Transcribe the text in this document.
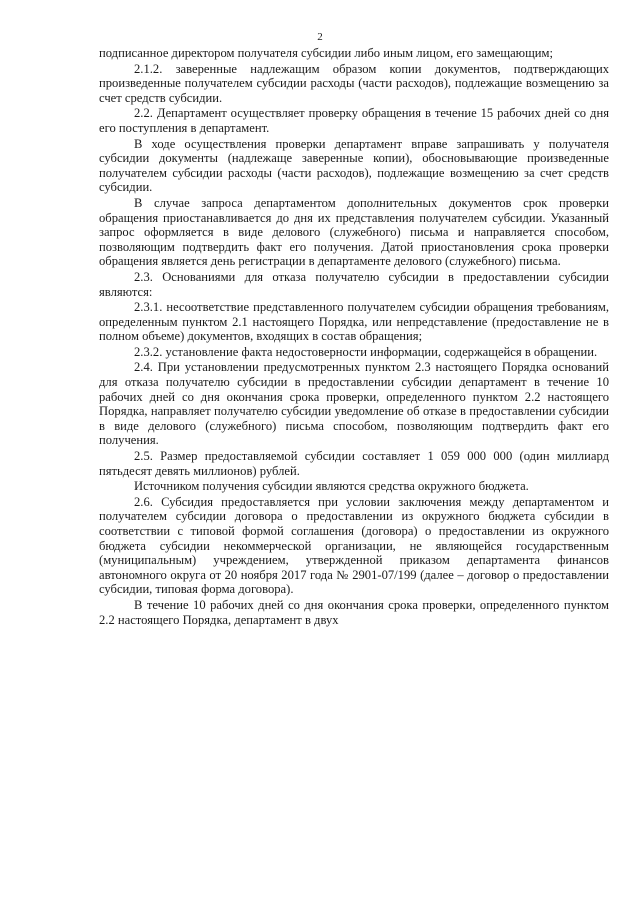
2

подписанное директором получателя субсидии либо иным лицом, его замещающим;

2.1.2. заверенные надлежащим образом копии документов, подтверждающих произведенные получателем субсидии расходы (части расходов), подлежащие возмещению за счет средств субсидии.

2.2. Департамент осуществляет проверку обращения в течение 15 рабочих дней со дня его поступления в департамент.

В ходе осуществления проверки департамент вправе запрашивать у получателя субсидии документы (надлежаще заверенные копии), обосновывающие произведенные получателем субсидии расходы (части расходов), подлежащие возмещению за счет средств субсидии.

В случае запроса департаментом дополнительных документов срок проверки обращения приостанавливается до дня их представления получателем субсидии. Указанный запрос оформляется в виде делового (служебного) письма и направляется способом, позволяющим подтвердить факт его получения. Датой приостановления срока проверки обращения является день регистрации в департаменте делового (служебного) письма.

2.3. Основаниями для отказа получателю субсидии в предоставлении субсидии являются:

2.3.1. несоответствие представленного получателем субсидии обращения требованиям, определенным пунктом 2.1 настоящего Порядка, или непредставление (предоставление не в полном объеме) документов, входящих в состав обращения;

2.3.2. установление факта недостоверности информации, содержащейся в обращении.

2.4. При установлении предусмотренных пунктом 2.3 настоящего Порядка оснований для отказа получателю субсидии в предоставлении субсидии департамент в течение 10 рабочих дней со дня окончания срока проверки, определенного пунктом 2.2 настоящего Порядка, направляет получателю субсидии уведомление об отказе в предоставлении субсидии в виде делового (служебного) письма способом, позволяющим подтвердить факт его получения.

2.5. Размер предоставляемой субсидии составляет 1 059 000 000 (один миллиард пятьдесят девять миллионов) рублей.

Источником получения субсидии являются средства окружного бюджета.

2.6. Субсидия предоставляется при условии заключения между департаментом и получателем субсидии договора о предоставлении из окружного бюджета субсидии в соответствии с типовой формой соглашения (договора) о предоставлении из окружного бюджета субсидии некоммерческой организации, не являющейся государственным (муниципальным) учреждением, утвержденной приказом департамента финансов автономного округа от 20 ноября 2017 года № 2901-07/199 (далее – договор о предоставлении субсидии, типовая форма договора).

В течение 10 рабочих дней со дня окончания срока проверки, определенного пунктом 2.2 настоящего Порядка, департамент в двух
